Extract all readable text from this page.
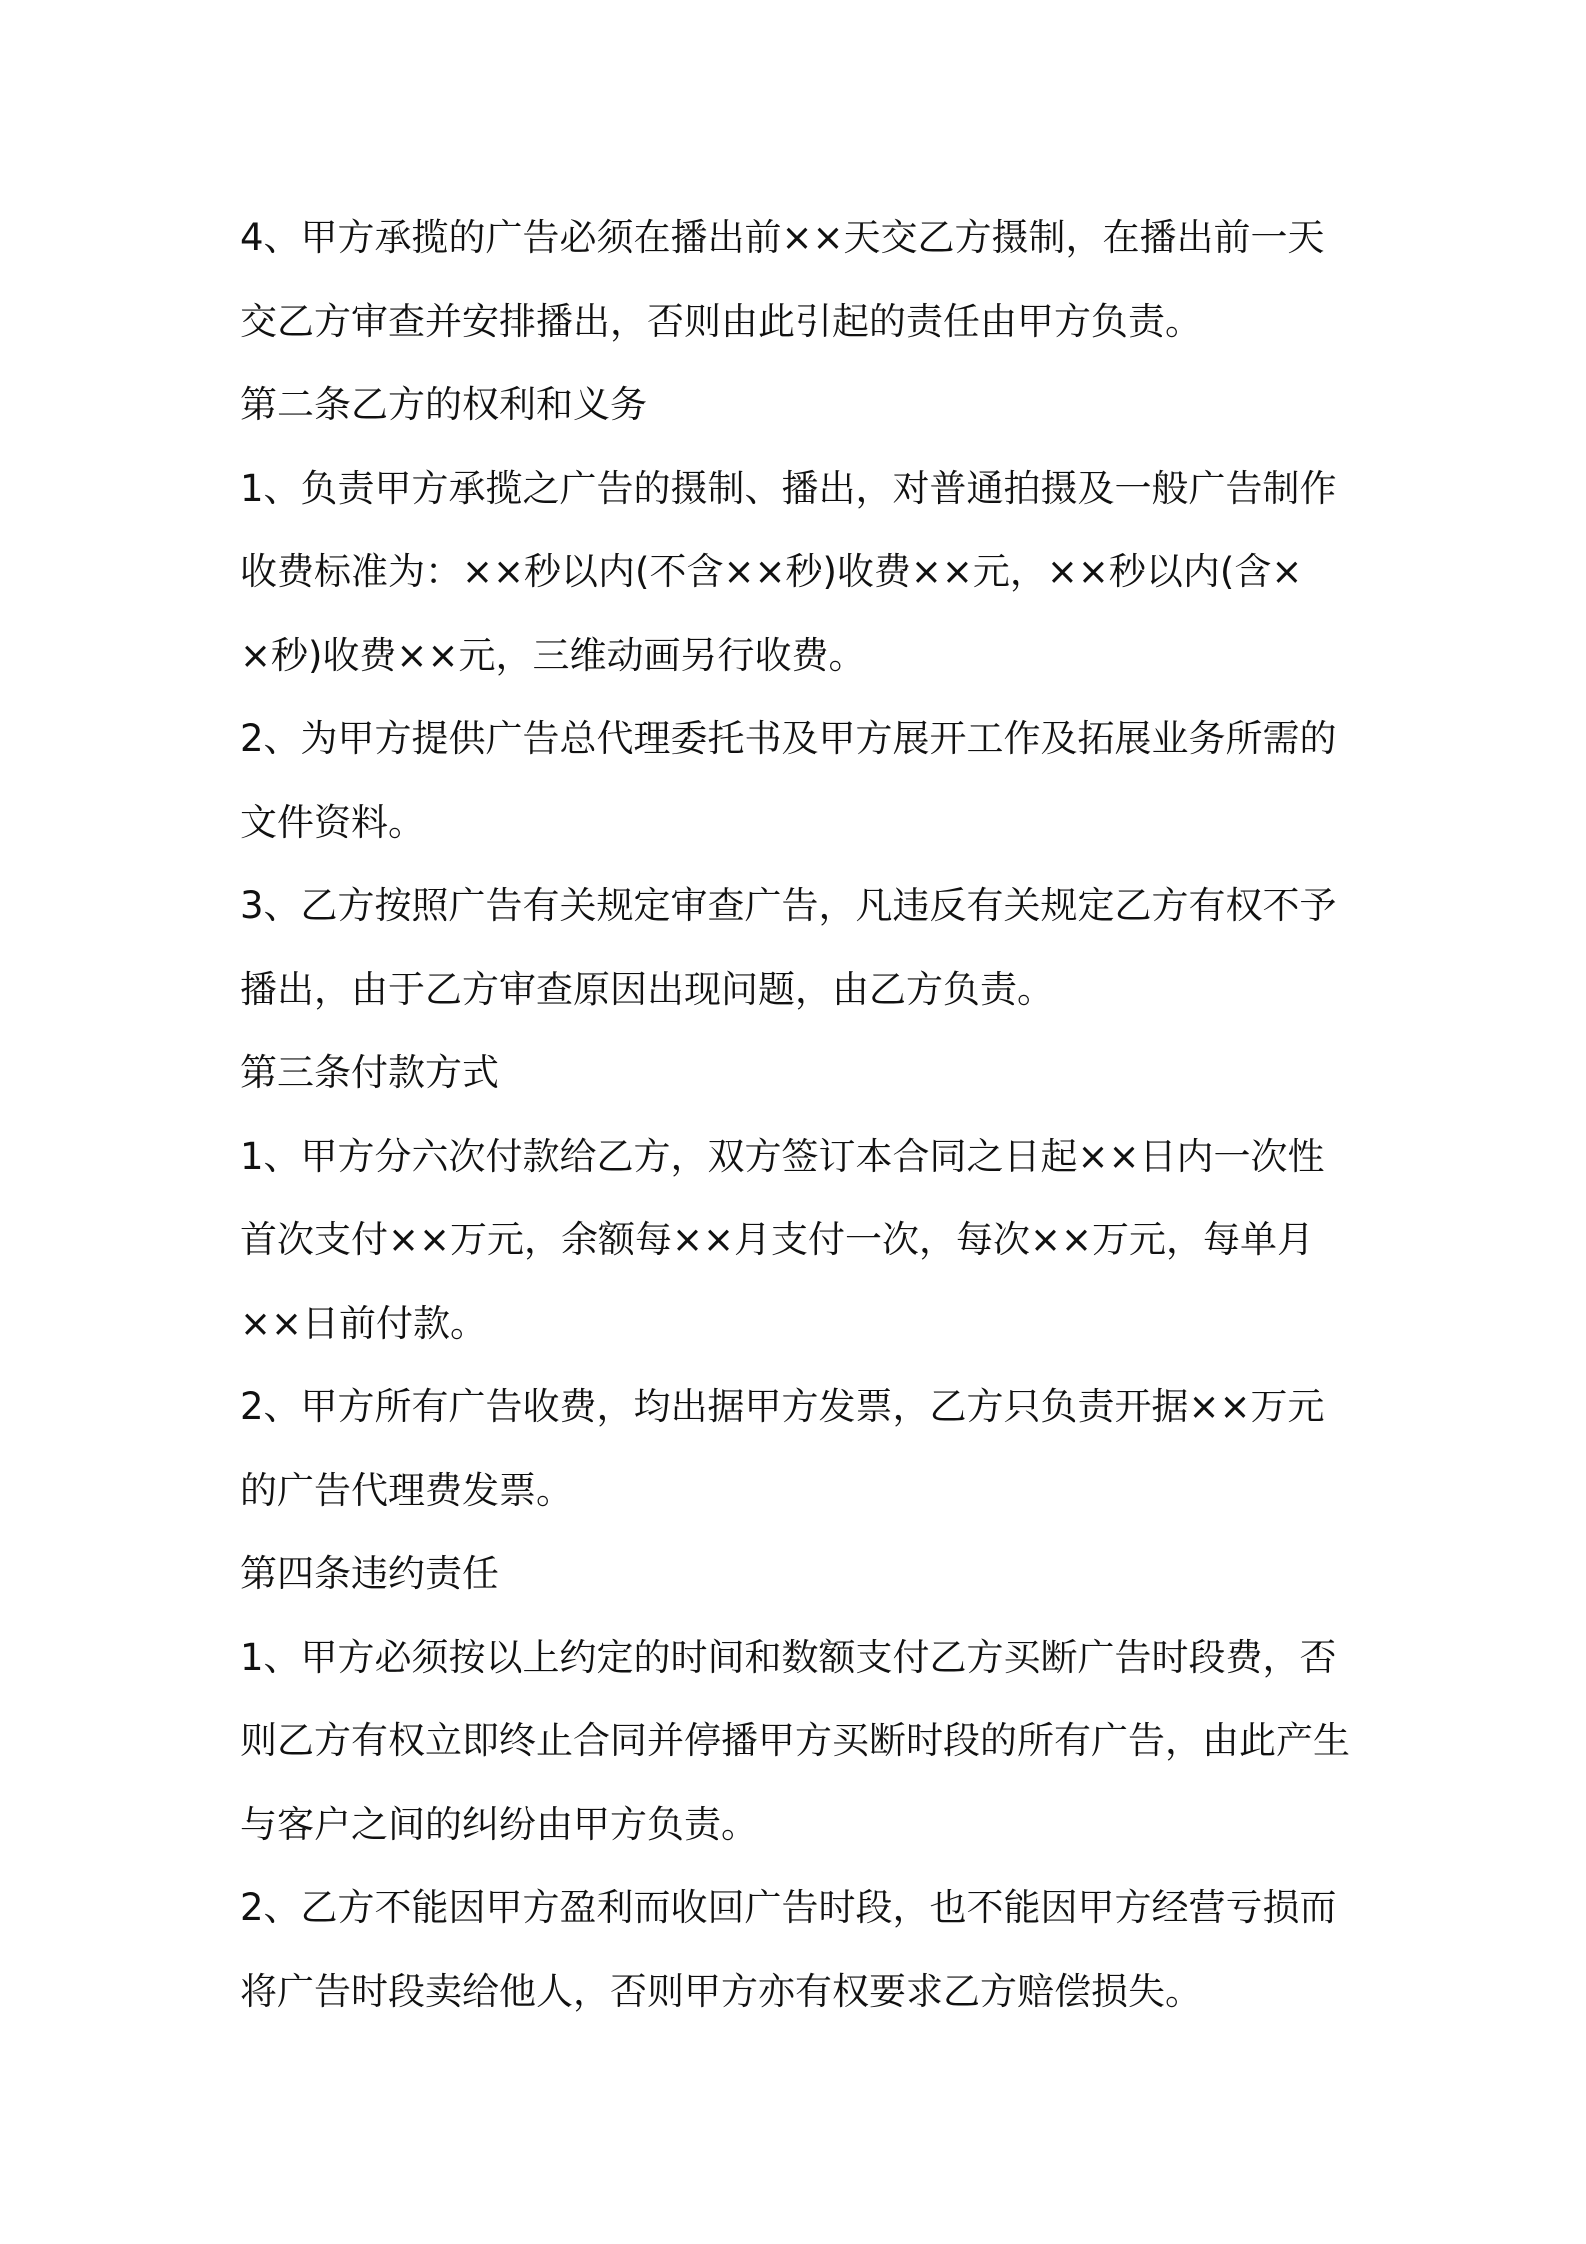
4、甲方承揽的广告必须在播出前××天交乙方摄制，在播出前一天
交乙方审查并安排播出，否则由此引起的责任由甲方负责。
第二条乙方的权利和义务
1、负责甲方承揽之广告的摄制、播出，对普通拍摄及一般广告制作
收费标准为：××秒以内(不含××秒)收费××元，××秒以内(含×
×秒)收费××元，三维动画另行收费。
2、为甲方提供广告总代理委托书及甲方展开工作及拓展业务所需的
文件资料。
3、乙方按照广告有关规定审查广告，凡违反有关规定乙方有权不予
播出，由于乙方审查原因出现问题，由乙方负责。
第三条付款方式
1、甲方分六次付款给乙方，双方签订本合同之日起××日内一次性
首次支付××万元，余额每××月支付一次，每次××万元，每单月
××日前付款。
2、甲方所有广告收费，均出据甲方发票，乙方只负责开据××万元
的广告代理费发票。
第四条违约责任
1、甲方必须按以上约定的时间和数额支付乙方买断广告时段费，否
则乙方有权立即终止合同并停播甲方买断时段的所有广告，由此产生
与客户之间的纠纷由甲方负责。
2、乙方不能因甲方盈利而收回广告时段，也不能因甲方经营亏损而
将广告时段卖给他人，否则甲方亦有权要求乙方赔偿损失。
